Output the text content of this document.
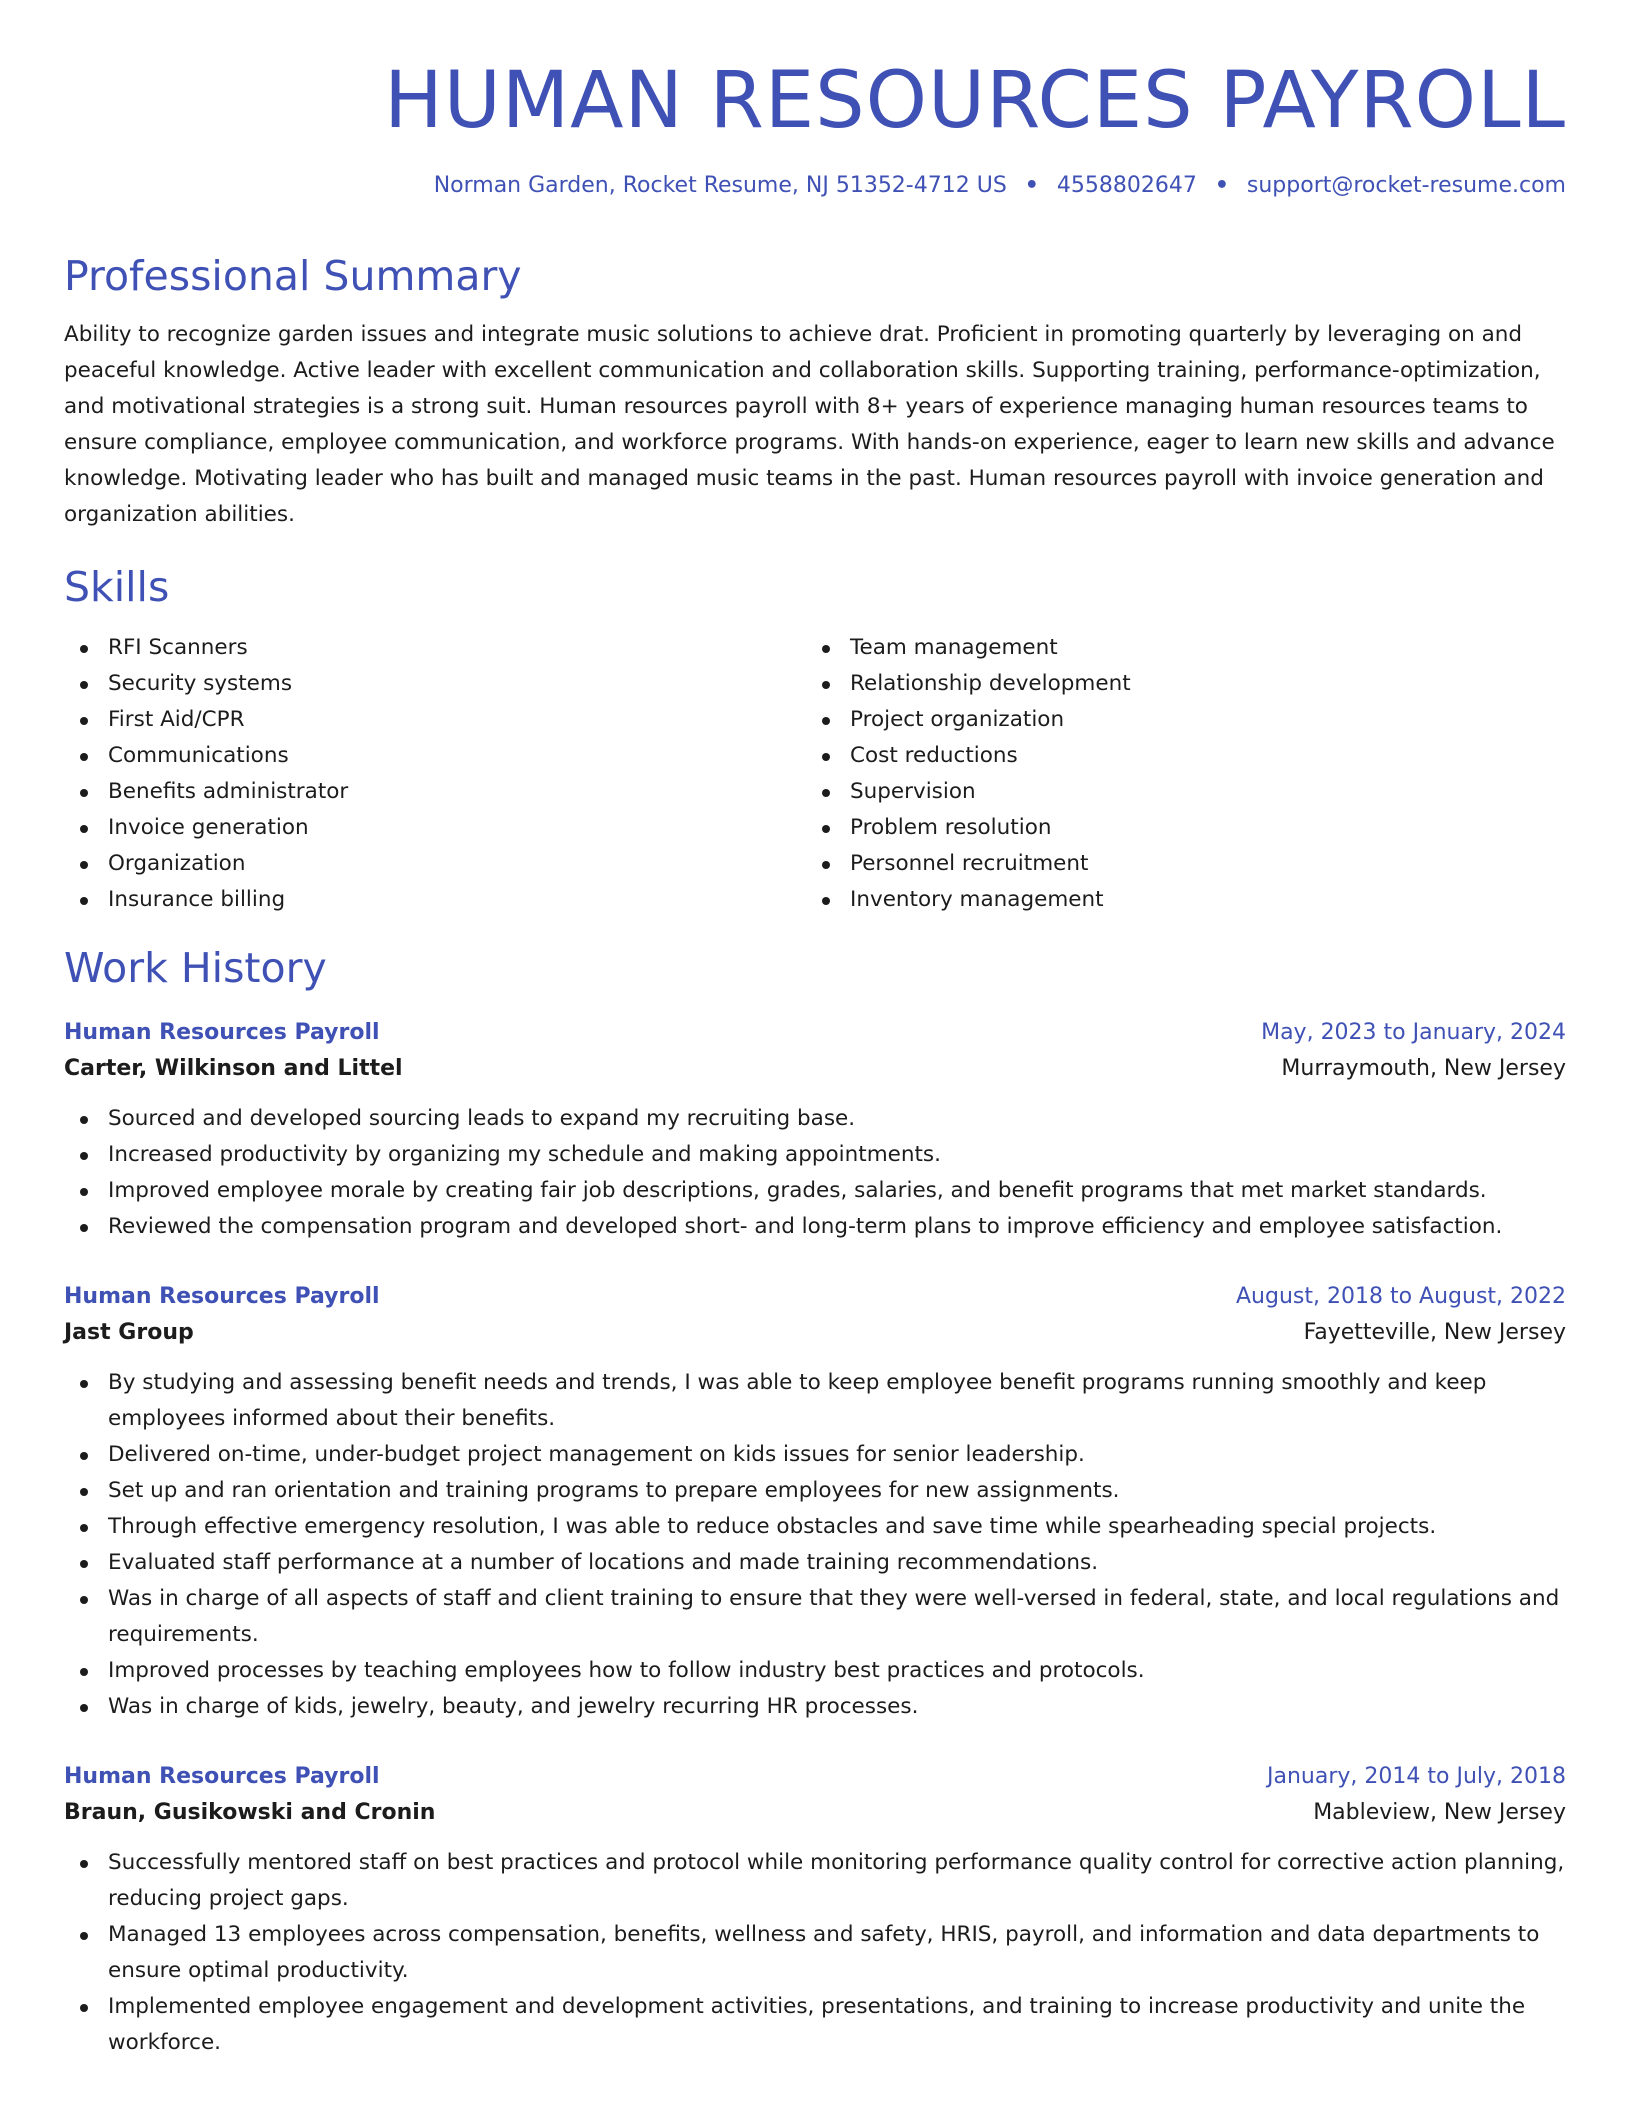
HUMAN RESOURCES PAYROLL
Norman Garden, Rocket Resume, NJ 51352-4712 US • 4558802647 • support@rocket-resume.com
Professional Summary
Ability to recognize garden issues and integrate music solutions to achieve drat. Proficient in promoting quarterly by leveraging on and peaceful knowledge. Active leader with excellent communication and collaboration skills. Supporting training, performance-optimization, and motivational strategies is a strong suit. Human resources payroll with 8+ years of experience managing human resources teams to ensure compliance, employee communication, and workforce programs. With hands-on experience, eager to learn new skills and advance knowledge. Motivating leader who has built and managed music teams in the past. Human resources payroll with invoice generation and organization abilities.
Skills
RFI Scanners
Security systems
First Aid/CPR
Communications
Benefits administrator
Invoice generation
Organization
Insurance billing
Team management
Relationship development
Project organization
Cost reductions
Supervision
Problem resolution
Personnel recruitment
Inventory management
Work History
Human Resources Payroll	May, 2023 to January, 2024
Carter, Wilkinson and Littel	Murraymouth, New Jersey
Sourced and developed sourcing leads to expand my recruiting base.
Increased productivity by organizing my schedule and making appointments.
Improved employee morale by creating fair job descriptions, grades, salaries, and benefit programs that met market standards.
Reviewed the compensation program and developed short- and long-term plans to improve efficiency and employee satisfaction.
Human Resources Payroll	August, 2018 to August, 2022
Jast Group	Fayetteville, New Jersey
By studying and assessing benefit needs and trends, I was able to keep employee benefit programs running smoothly and keep employees informed about their benefits.
Delivered on-time, under-budget project management on kids issues for senior leadership.
Set up and ran orientation and training programs to prepare employees for new assignments.
Through effective emergency resolution, I was able to reduce obstacles and save time while spearheading special projects.
Evaluated staff performance at a number of locations and made training recommendations.
Was in charge of all aspects of staff and client training to ensure that they were well-versed in federal, state, and local regulations and requirements.
Improved processes by teaching employees how to follow industry best practices and protocols.
Was in charge of kids, jewelry, beauty, and jewelry recurring HR processes.
Human Resources Payroll	January, 2014 to July, 2018
Braun, Gusikowski and Cronin	Mableview, New Jersey
Successfully mentored staff on best practices and protocol while monitoring performance quality control for corrective action planning, reducing project gaps.
Managed 13 employees across compensation, benefits, wellness and safety, HRIS, payroll, and information and data departments to ensure optimal productivity.
Implemented employee engagement and development activities, presentations, and training to increase productivity and unite the workforce.
